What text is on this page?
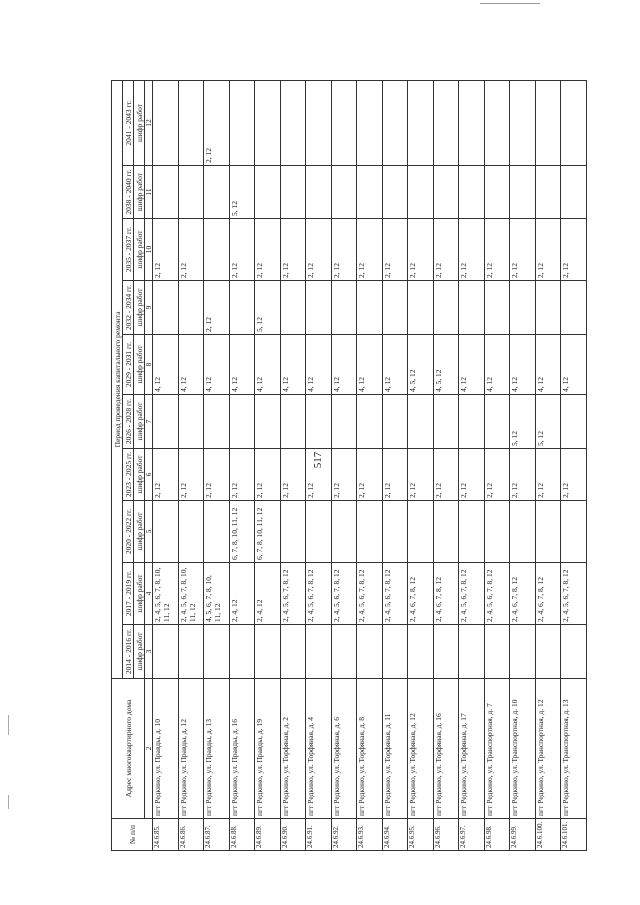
517
№ п/п	Адрес многоквартирного дома	Период проведения капитального ремонта									
		2014 - 2016 гг.	2017 - 2019 гг.	2020 - 2022 гг.	2023 - 2025 гг.	2026 - 2028 гг.	2029 - 2031 гг.	2032 - 2034 гг.	2035 - 2037 гг.	2038 - 2040 гг.	2041 - 2043 гг.
		шифр работ	шифр работ	шифр работ	шифр работ	шифр работ	шифр работ	шифр работ	шифр работ	шифр работ	шифр работ
	2	3	4	5	6	7	8	9	10	11	12
24.6.85.	пгт Редкино, ул. Правды, д. 10		2, 4, 5, 6, 7, 8, 10, 11, 12		2, 12		4, 12		2, 12		
24.6.86.	пгт Редкино, ул. Правды, д. 12		2, 4, 5, 6, 7, 8, 10, 11, 12		2, 12		4, 12		2, 12		
24.6.87.	пгт Редкино, ул. Правды, д. 13		4, 5, 6, 7, 8, 10, 11, 12		2, 12		4, 12	2, 12			2, 12
24.6.88.	пгт Редкино, ул. Правды, д. 16		2, 4, 12	6, 7, 8, 10, 11, 12	2, 12		4, 12		2, 12	5, 12	
24.6.89.	пгт Редкино, ул. Правды, д. 19		2, 4, 12	6, 7, 8, 10, 11, 12	2, 12		4, 12	5, 12	2, 12		
24.6.90.	пгт Редкино, ул. Торфяная, д. 2		2, 4, 5, 6, 7, 8, 12		2, 12		4, 12		2, 12		
24.6.91.	пгт Редкино, ул. Торфяная, д. 4		2, 4, 5, 6, 7, 8, 12		2, 12		4, 12		2, 12		
24.6.92.	пгт Редкино, ул. Торфяная, д. 6		2, 4, 5, 6, 7, 8, 12		2, 12		4, 12		2, 12		
24.6.93.	пгт Редкино, ул. Торфяная, д. 8		2, 4, 5, 6, 7, 8, 12		2, 12		4, 12		2, 12		
24.6.94.	пгт Редкино, ул. Торфяная, д. 11		2, 4, 5, 6, 7, 8, 12		2, 12		4, 12		2, 12		
24.6.95.	пгт Редкино, ул. Торфяная, д. 12		2, 4, 6, 7, 8, 12		2, 12		4, 5, 12		2, 12		
24.6.96.	пгт Редкино, ул. Торфяная, д. 16		2, 4, 6, 7, 8, 12		2, 12		4, 5, 12		2, 12		
24.6.97.	пгт Редкино, ул. Торфяная, д. 17		2, 4, 5, 6, 7, 8, 12		2, 12		4, 12		2, 12		
24.6.98.	пгт Редкино, ул. Транспортная, д. 7		2, 4, 5, 6, 7, 8, 12		2, 12		4, 12		2, 12		
24.6.99.	пгт Редкино, ул. Транспортная, д. 10		2, 4, 6, 7, 8, 12		2, 12	5, 12	4, 12		2, 12		
24.6.100.	пгт Редкино, ул. Транспортная, д. 12		2, 4, 6, 7, 8, 12		2, 12	5, 12	4, 12		2, 12		
24.6.101.	пгт Редкино, ул. Транспортная, д. 13		2, 4, 5, 6, 7, 8, 12		2, 12		4, 12		2, 12		
